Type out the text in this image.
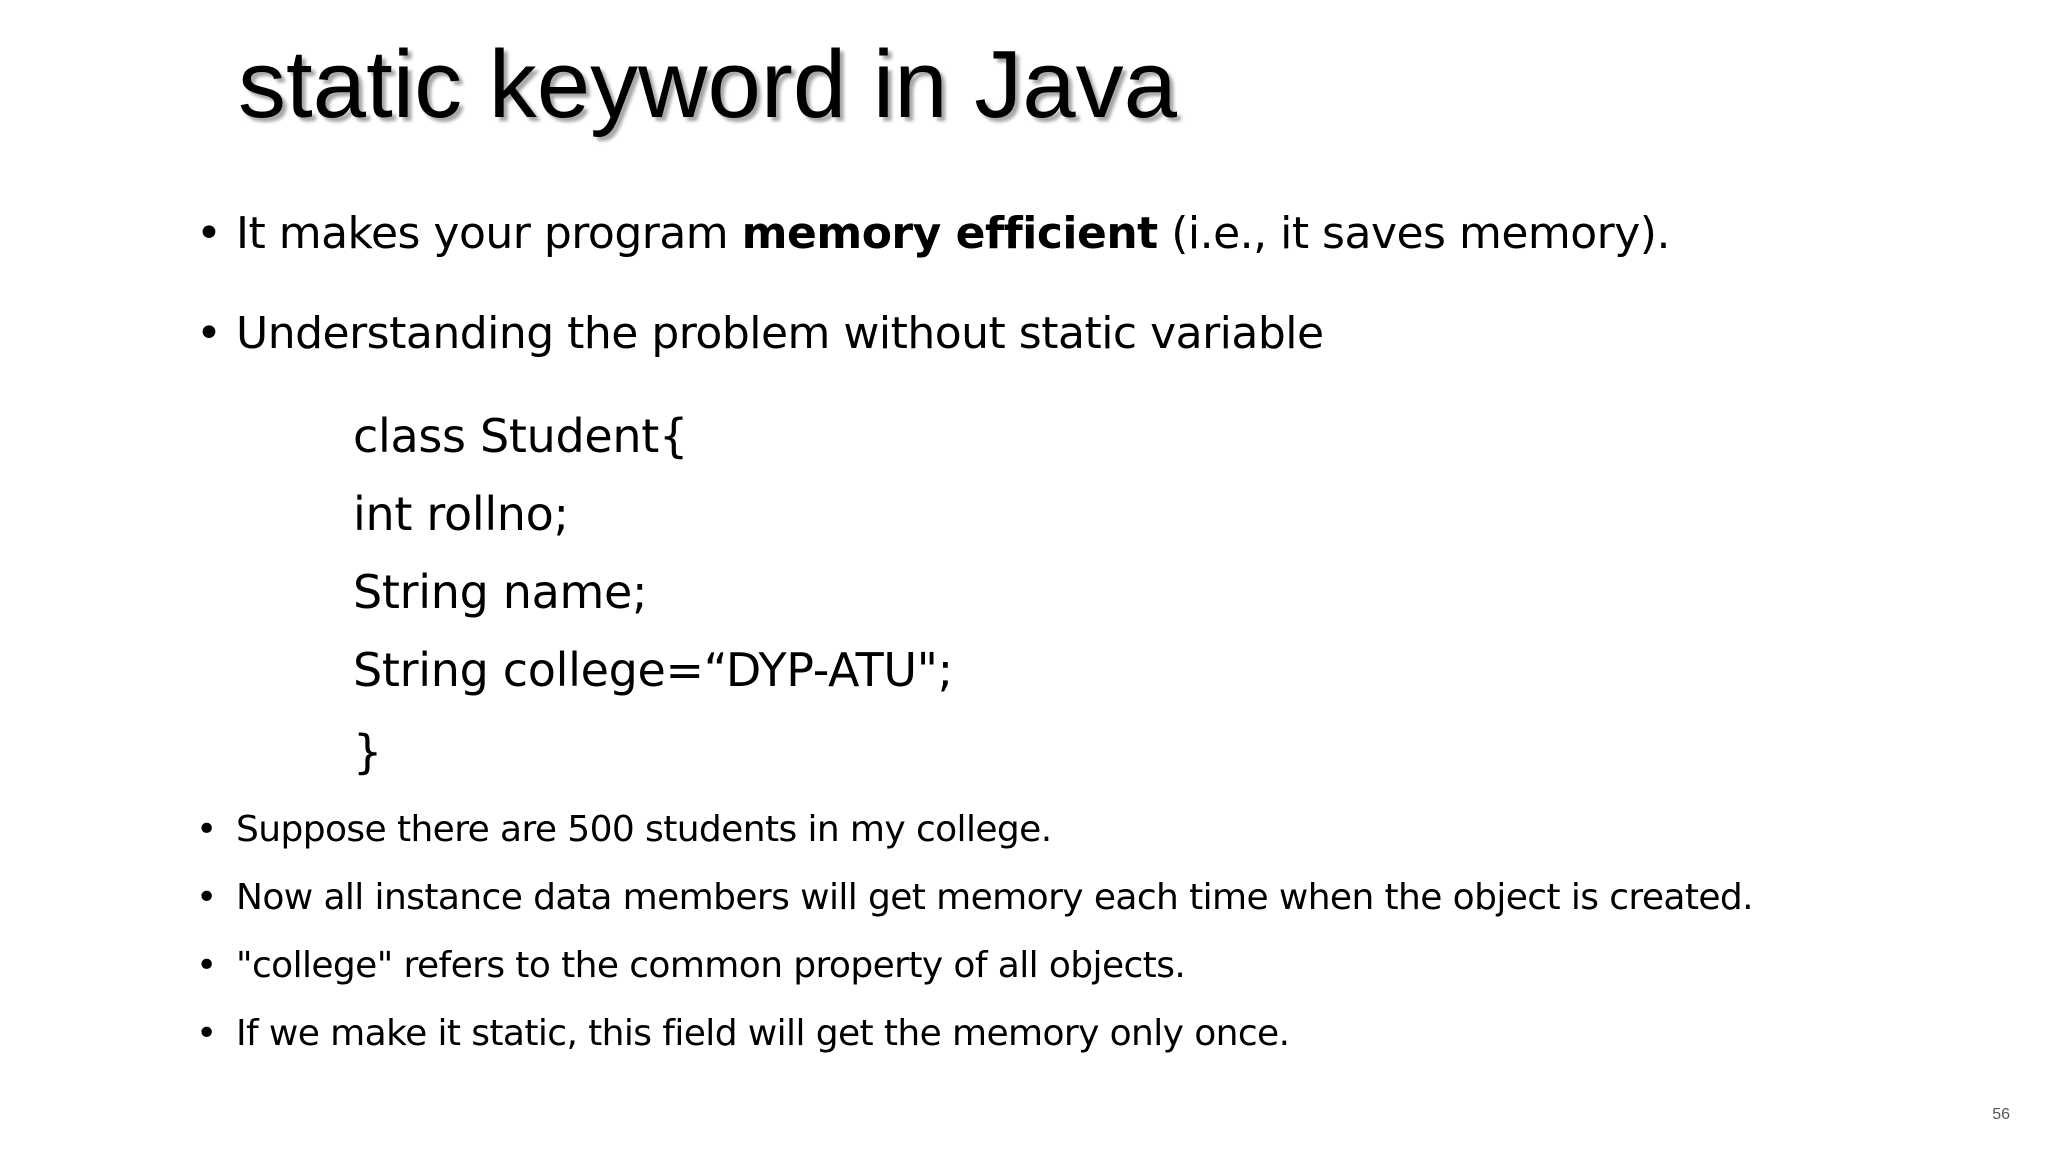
static keyword in Java
• It makes your program memory efficient (i.e., it saves memory).
• Understanding the problem without static variable
class Student{
int rollno;
String name;
String college=“DYP-ATU";
}
• Suppose there are 500 students in my college.
• Now all instance data members will get memory each time when the object is created.
• "college" refers to the common property of all objects.
• If we make it static, this field will get the memory only once.
56
